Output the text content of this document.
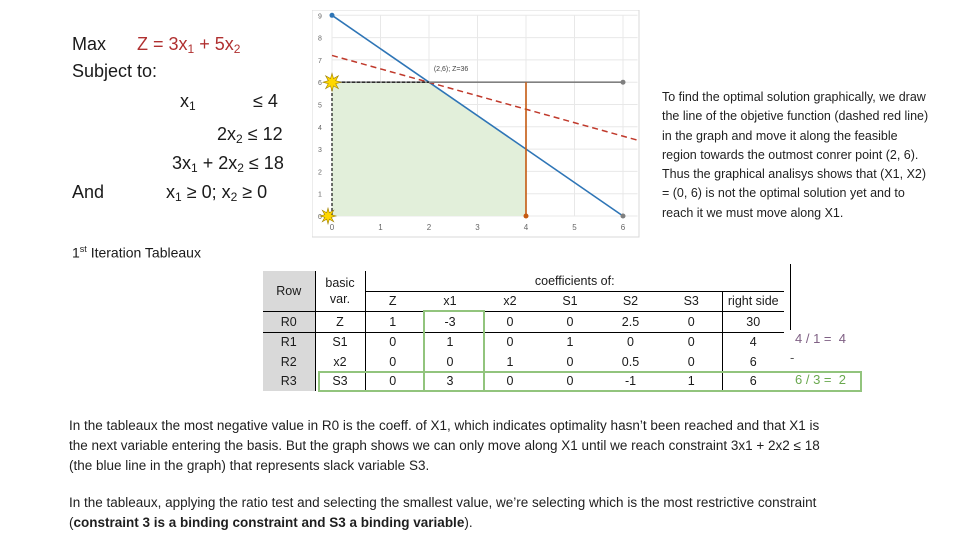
Max $Z = 3x_1 + 5x_2$
Subject to:
$x_1$	≤ 4
$2x_2 \le 12$
$3x_1 + 2x_2 \le 18$
And	$x_1 \ge 0$; $x_2 \ge 0$
(2,6); Z=36
0	1	2	3	4	5	6
0
1
2
3
4
5
6
7
8
9
To find the optimal solution graphically, we draw the line of the objetive function (dashed red line) in the graph and move it along the feasible region towards the outmost conrer point (2, 6). Thus the graphical analisys shows that (X1, X2) = (0, 6) is not the optimal solution yet and to reach it we must move along X1.
1st Iteration Tableaux
Row	basic
var.	coefficients of:						
		Z	x1	x2	S1	S2	S3	right side
R0	Z	1	-3	0	0	2.5	0	30
R1	S1	0	1	0	1	0	0	4
R2	x2	0	0	1	0	0.5	0	6
R3	S3	0	3	0	0	-1	1	6
4 / 1 =  4
-
6 / 3 =  2
In the tableaux the most negative value in R0 is the coeff. of X1, which indicates optimality hasn’t been reached and that X1 is the next variable entering the basis. But the graph shows we can only move along X1 until we reach constraint 3x1 + 2x2 ≤ 18 (the blue line in the graph) that represents slack variable S3.
In the tableaux, applying the ratio test and selecting the smallest value, we’re selecting which is the most restrictive constraint (constraint 3 is a binding constraint and S3 a binding variable).
